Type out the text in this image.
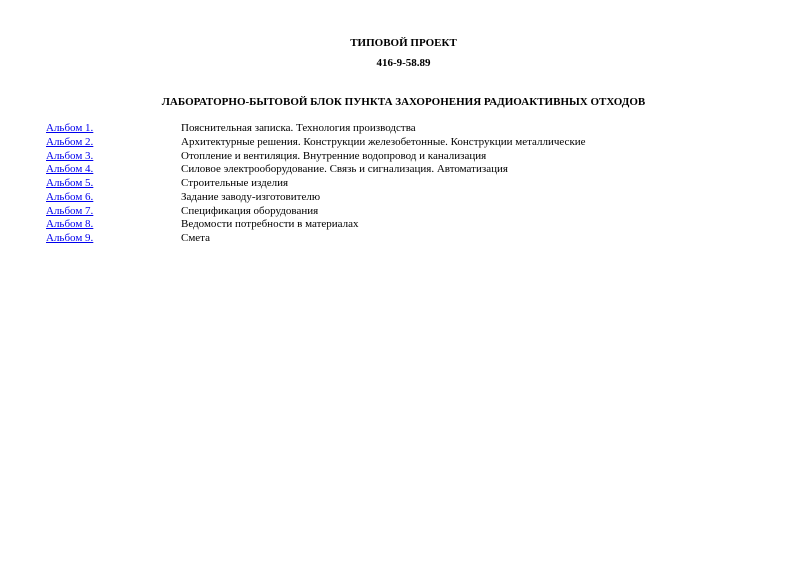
ТИПОВОЙ ПРОЕКТ
416-9-58.89
ЛАБОРАТОРНО-БЫТОВОЙ БЛОК ПУНКТА ЗАХОРОНЕНИЯ РАДИОАКТИВНЫХ ОТХОДОВ
Альбом 1.	Пояснительная записка. Технология производства
Альбом 2.	Архитектурные решения. Конструкции железобетонные. Конструкции металлические
Альбом 3.	Отопление и вентиляция. Внутренние водопровод и канализация
Альбом 4.	Силовое электрооборудование. Связь и сигнализация. Автоматизация
Альбом 5.	Строительные изделия
Альбом 6.	Задание заводу-изготовителю
Альбом 7.	Спецификация оборудования
Альбом 8.	Ведомости потребности в материалах
Альбом 9.	Смета
